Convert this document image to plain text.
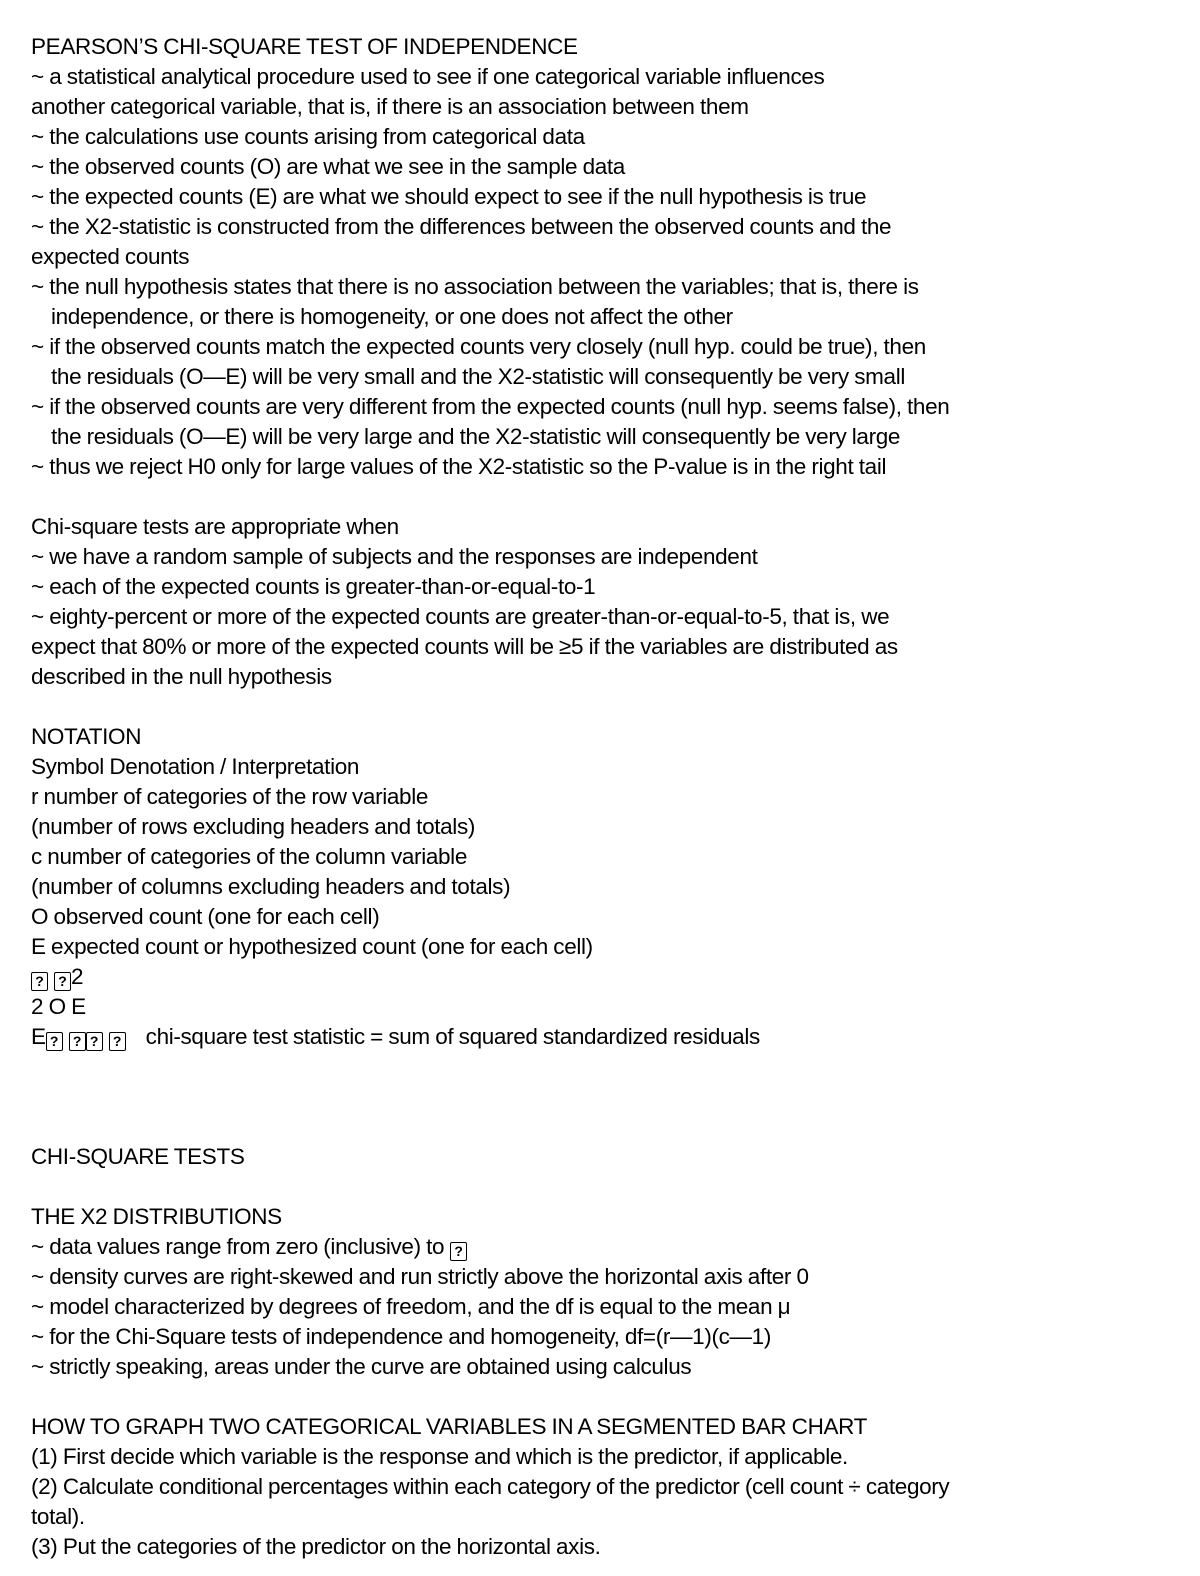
PEARSON’S CHI-SQUARE TEST OF INDEPENDENCE
~ a statistical analytical procedure used to see if one categorical variable influences
another categorical variable, that is, if there is an association between them
~ the calculations use counts arising from categorical data
~ the observed counts (O) are what we see in the sample data
~ the expected counts (E) are what we should expect to see if the null hypothesis is true
~ the X2-statistic is constructed from the differences between the observed counts and the
expected counts
~ the null hypothesis states that there is no association between the variables; that is, there is
independence, or there is homogeneity, or one does not affect the other
~ if the observed counts match the expected counts very closely (null hyp. could be true), then
the residuals (O—E) will be very small and the X2-statistic will consequently be very small
~ if the observed counts are very different from the expected counts (null hyp. seems false), then
the residuals (O—E) will be very large and the X2-statistic will consequently be very large
~ thus we reject H0 only for large values of the X2-statistic so the P-value is in the right tail
Chi-square tests are appropriate when
~ we have a random sample of subjects and the responses are independent
~ each of the expected counts is greater-than-or-equal-to-1
~ eighty-percent or more of the expected counts are greater-than-or-equal-to-5, that is, we
expect that 80% or more of the expected counts will be ≥5 if the variables are distributed as
described in the null hypothesis
NOTATION
Symbol Denotation / Interpretation
r number of categories of the row variable
(number of rows excluding headers and totals)
c number of categories of the column variable
(number of columns excluding headers and totals)
O observed count (one for each cell)
E expected count or hypothesized count (one for each cell)
? ? 2
2 O E
E ? ? ? ? chi-square test statistic = sum of squared standardized residuals
CHI-SQUARE TESTS
THE X2 DISTRIBUTIONS
~ data values range from zero (inclusive) to ?
~ density curves are right-skewed and run strictly above the horizontal axis after 0
~ model characterized by degrees of freedom, and the df is equal to the mean μ
~ for the Chi-Square tests of independence and homogeneity, df=(r—1)(c—1)
~ strictly speaking, areas under the curve are obtained using calculus
HOW TO GRAPH TWO CATEGORICAL VARIABLES IN A SEGMENTED BAR CHART
(1) First decide which variable is the response and which is the predictor, if applicable.
(2) Calculate conditional percentages within each category of the predictor (cell count ÷ category
total).
(3) Put the categories of the predictor on the horizontal axis.
